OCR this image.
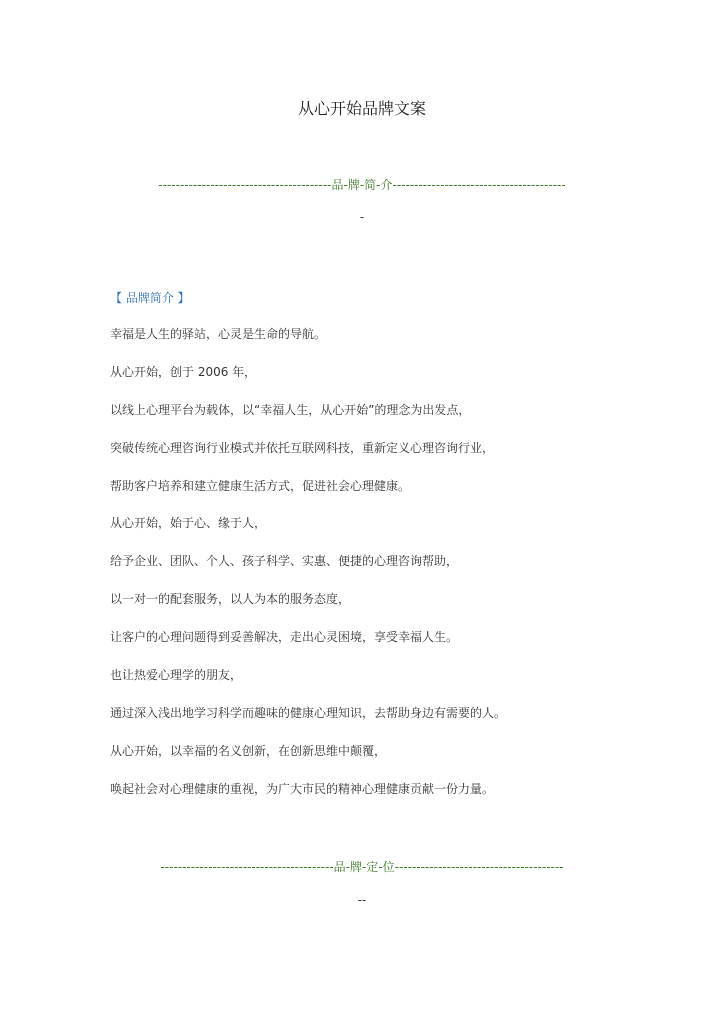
从心开始品牌文案
----------------------------------------品-牌-简-介----------------------------------------
-
【 品牌简介 】
幸福是人生的驿站，心灵是生命的导航。
从心开始，创于 2006 年，
以线上心理平台为载体，以“幸福人生，从心开始”的理念为出发点，
突破传统心理咨询行业模式并依托互联网科技，重新定义心理咨询行业，
帮助客户培养和建立健康生活方式，促进社会心理健康。
从心开始，始于心、缘于人，
给予企业、团队、个人、孩子科学、实惠、便捷的心理咨询帮助，
以一对一的配套服务，以人为本的服务态度，
让客户的心理问题得到妥善解决，走出心灵困境，享受幸福人生。
也让热爱心理学的朋友，
通过深入浅出地学习科学而趣味的健康心理知识，去帮助身边有需要的人。
从心开始，以幸福的名义创新，在创新思维中颠覆，
唤起社会对心理健康的重视，为广大市民的精神心理健康贡献一份力量。
----------------------------------------品-牌-定-位---------------------------------------
--
